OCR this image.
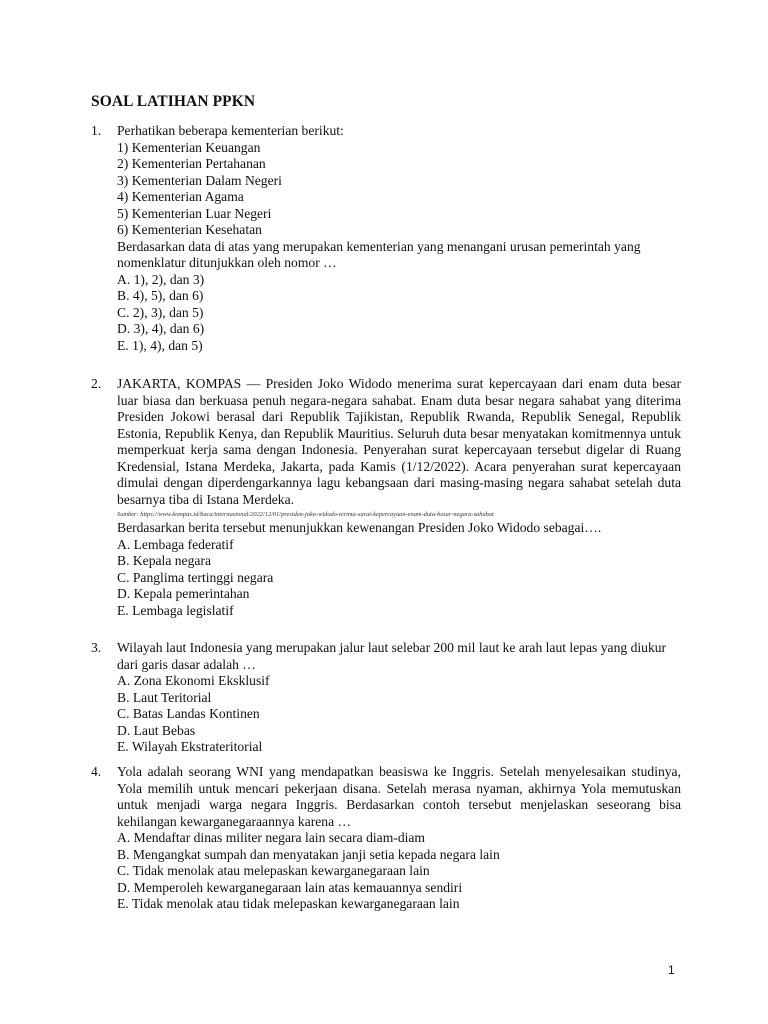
SOAL LATIHAN PPKN
1. Perhatikan beberapa kementerian berikut:
1) Kementerian Keuangan
2) Kementerian Pertahanan
3) Kementerian Dalam Negeri
4) Kementerian Agama
5) Kementerian Luar Negeri
6) Kementerian Kesehatan
Berdasarkan data di atas yang merupakan kementerian yang menangani urusan pemerintah yang
nomenklatur ditunjukkan oleh nomor …
A. 1), 2), dan 3)
B. 4), 5), dan 6)
C. 2), 3), dan 5)
D. 3), 4), dan 6)
E. 1), 4), dan 5)
2. JAKARTA, KOMPAS — Presiden Joko Widodo menerima surat kepercayaan dari enam duta besar luar biasa dan berkuasa penuh negara-negara sahabat. Enam duta besar negara sahabat yang diterima Presiden Jokowi berasal dari Republik Tajikistan, Republik Rwanda, Republik Senegal, Republik Estonia, Republik Kenya, dan Republik Mauritius. Seluruh duta besar menyatakan komitmennya untuk memperkuat kerja sama dengan Indonesia. Penyerahan surat kepercayaan tersebut digelar di Ruang Kredensial, Istana Merdeka, Jakarta, pada Kamis (1/12/2022). Acara penyerahan surat kepercayaan dimulai dengan diperdengarkannya lagu kebangsaan dari masing-masing negara sahabat setelah duta besarnya tiba di Istana Merdeka.
Sumber: https://www.kompas.id/baca/internasional/2022/12/01/presiden-joko-widodo-terima-surat-kepercayaan-enam-duta-besar-negara-sahabat
Berdasarkan berita tersebut menunjukkan kewenangan Presiden Joko Widodo sebagai….
A. Lembaga federatif
B. Kepala negara
C. Panglima tertinggi negara
D. Kepala pemerintahan
E. Lembaga legislatif
3. Wilayah laut Indonesia yang merupakan jalur laut selebar 200 mil laut ke arah laut lepas yang diukur
dari garis dasar adalah …
A. Zona Ekonomi Eksklusif
B. Laut Teritorial
C. Batas Landas Kontinen
D. Laut Bebas
E. Wilayah Ekstrateritorial
4. Yola adalah seorang WNI yang mendapatkan beasiswa ke Inggris. Setelah menyelesaikan studinya, Yola memilih untuk mencari pekerjaan disana. Setelah merasa nyaman, akhirnya Yola memutuskan untuk menjadi warga negara Inggris. Berdasarkan contoh tersebut menjelaskan seseorang bisa kehilangan kewarganegaraannya karena …
A. Mendaftar dinas militer negara lain secara diam-diam
B. Mengangkat sumpah dan menyatakan janji setia kepada negara lain
C. Tidak menolak atau melepaskan kewarganegaraan lain
D. Memperoleh kewarganegaraan lain atas kemauannya sendiri
E. Tidak menolak atau tidak melepaskan kewarganegaraan lain
1
